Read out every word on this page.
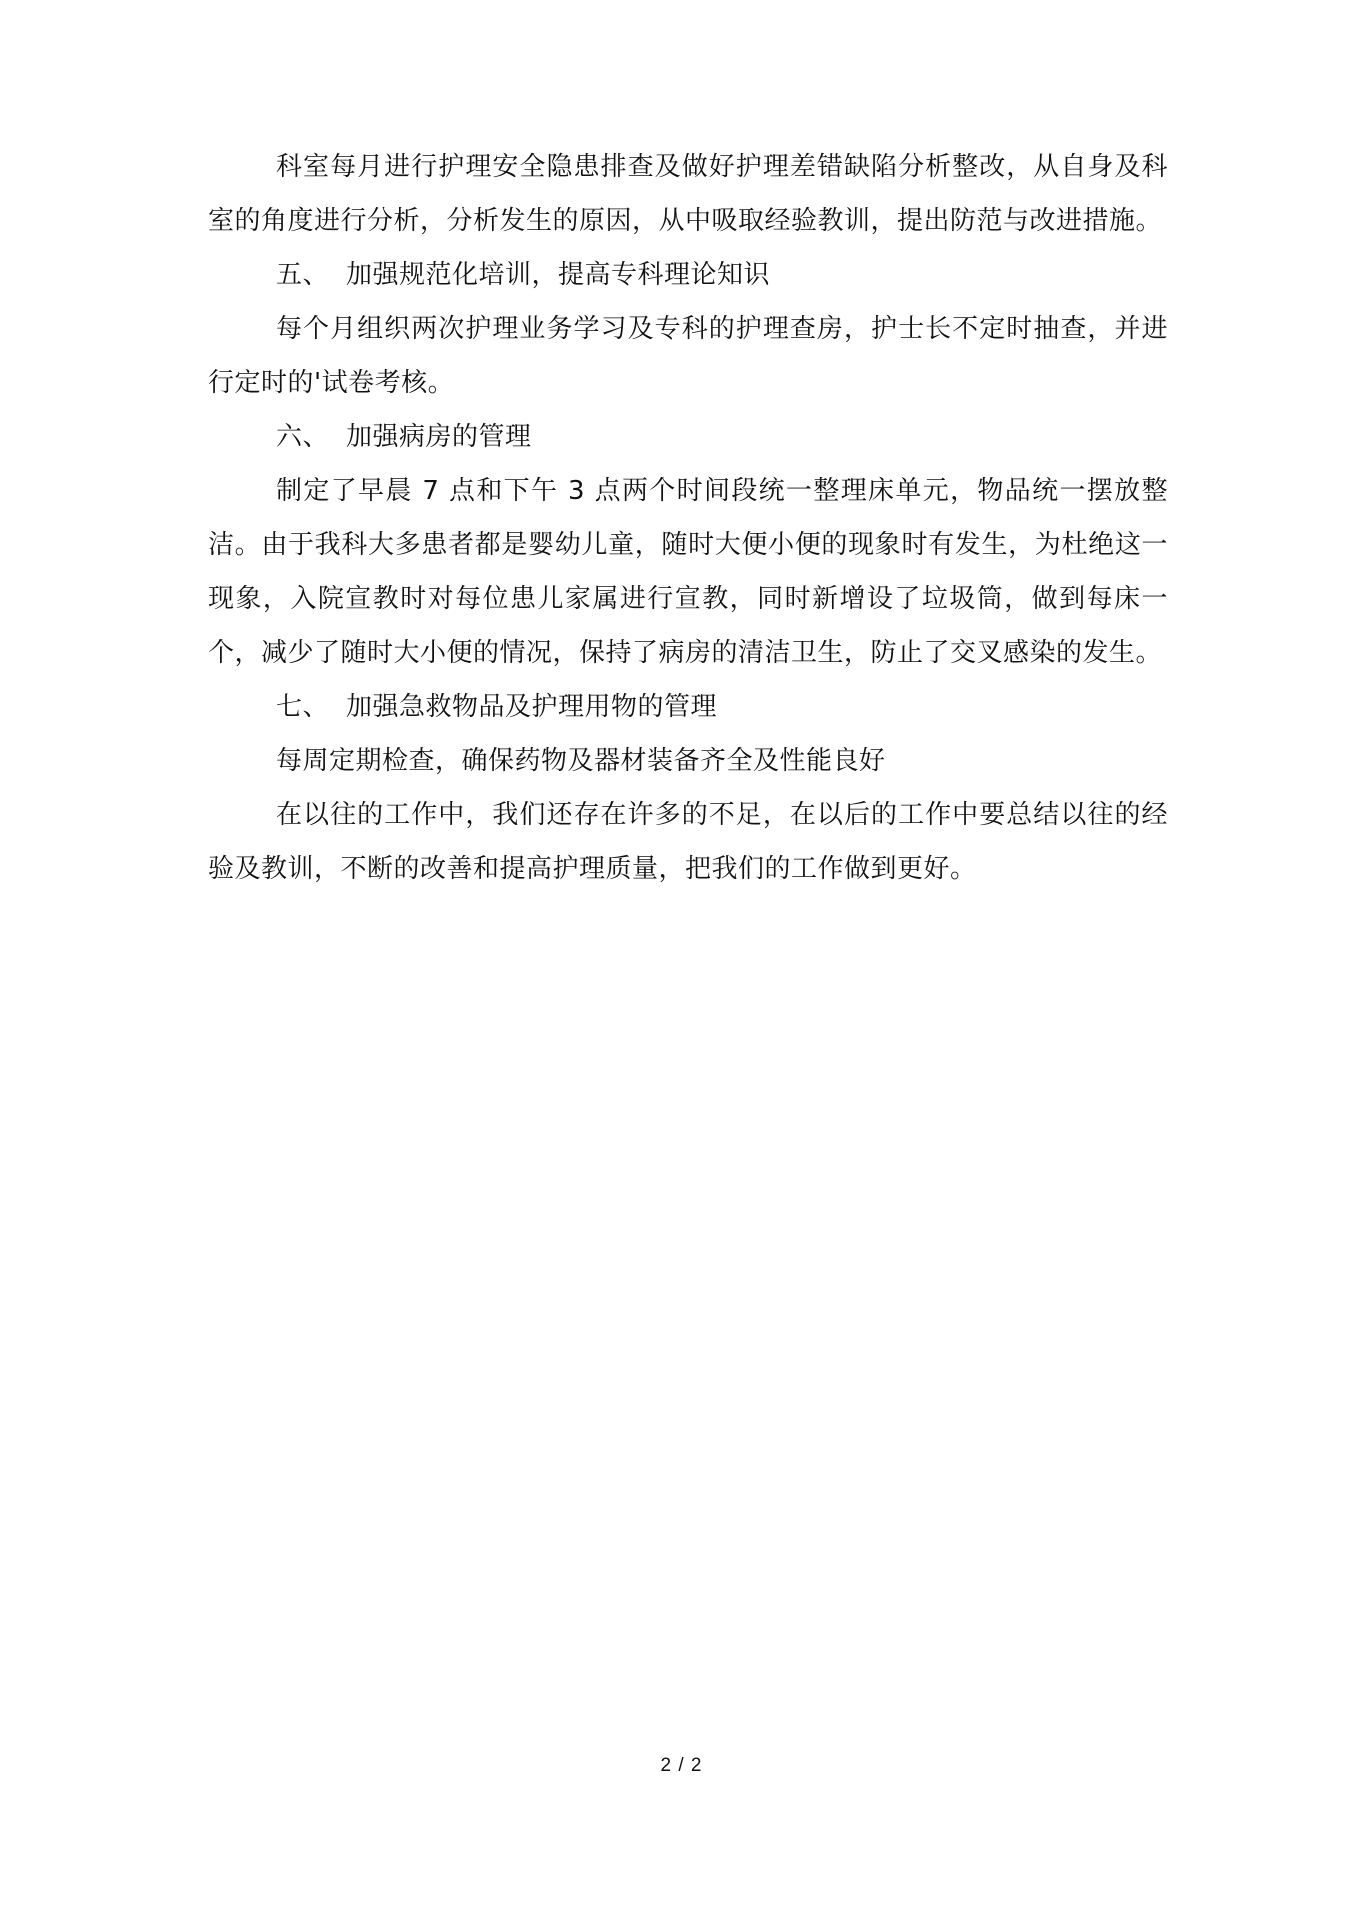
科室每月进行护理安全隐患排查及做好护理差错缺陷分析整改，从自身及科室的角度进行分析，分析发生的原因，从中吸取经验教训，提出防范与改进措施。

五、 加强规范化培训，提高专科理论知识

每个月组织两次护理业务学习及专科的护理查房，护士长不定时抽查，并进行定时的'试卷考核。

六、 加强病房的管理

制定了早晨 7 点和下午 3 点两个时间段统一整理床单元，物品统一摆放整洁。由于我科大多患者都是婴幼儿童，随时大便小便的现象时有发生，为杜绝这一现象，入院宣教时对每位患儿家属进行宣教，同时新增设了垃圾筒，做到每床一个，减少了随时大小便的情况，保持了病房的清洁卫生，防止了交叉感染的发生。

七、 加强急救物品及护理用物的管理

每周定期检查，确保药物及器材装备齐全及性能良好

在以往的工作中，我们还存在许多的不足，在以后的工作中要总结以往的经验及教训，不断的改善和提高护理质量，把我们的工作做到更好。

2 / 2
